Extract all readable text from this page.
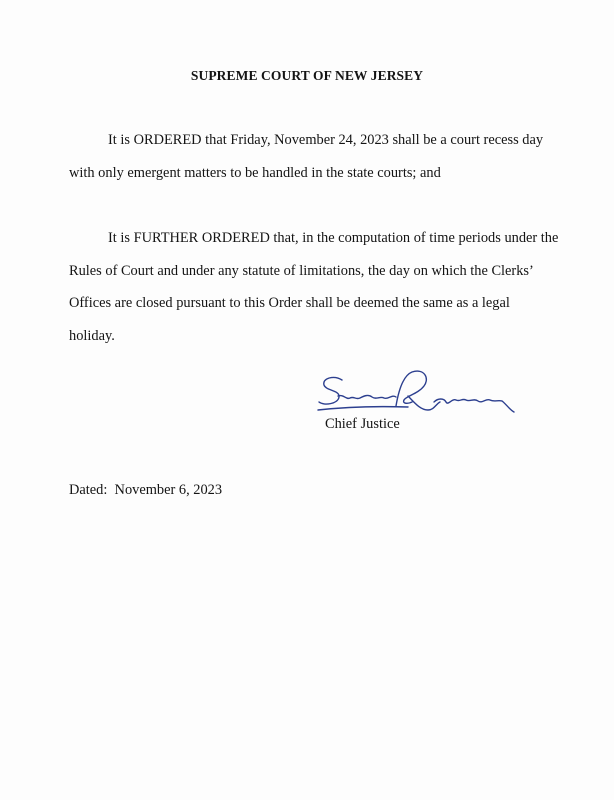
SUPREME COURT OF NEW JERSEY

It is ORDERED that Friday, November 24, 2023 shall be a court recess day with only emergent matters to be handled in the state courts; and

It is FURTHER ORDERED that, in the computation of time periods under the Rules of Court and under any statute of limitations, the day on which the Clerks’ Offices are closed pursuant to this Order shall be deemed the same as a legal holiday.

Chief Justice
Dated:  November 6, 2023
